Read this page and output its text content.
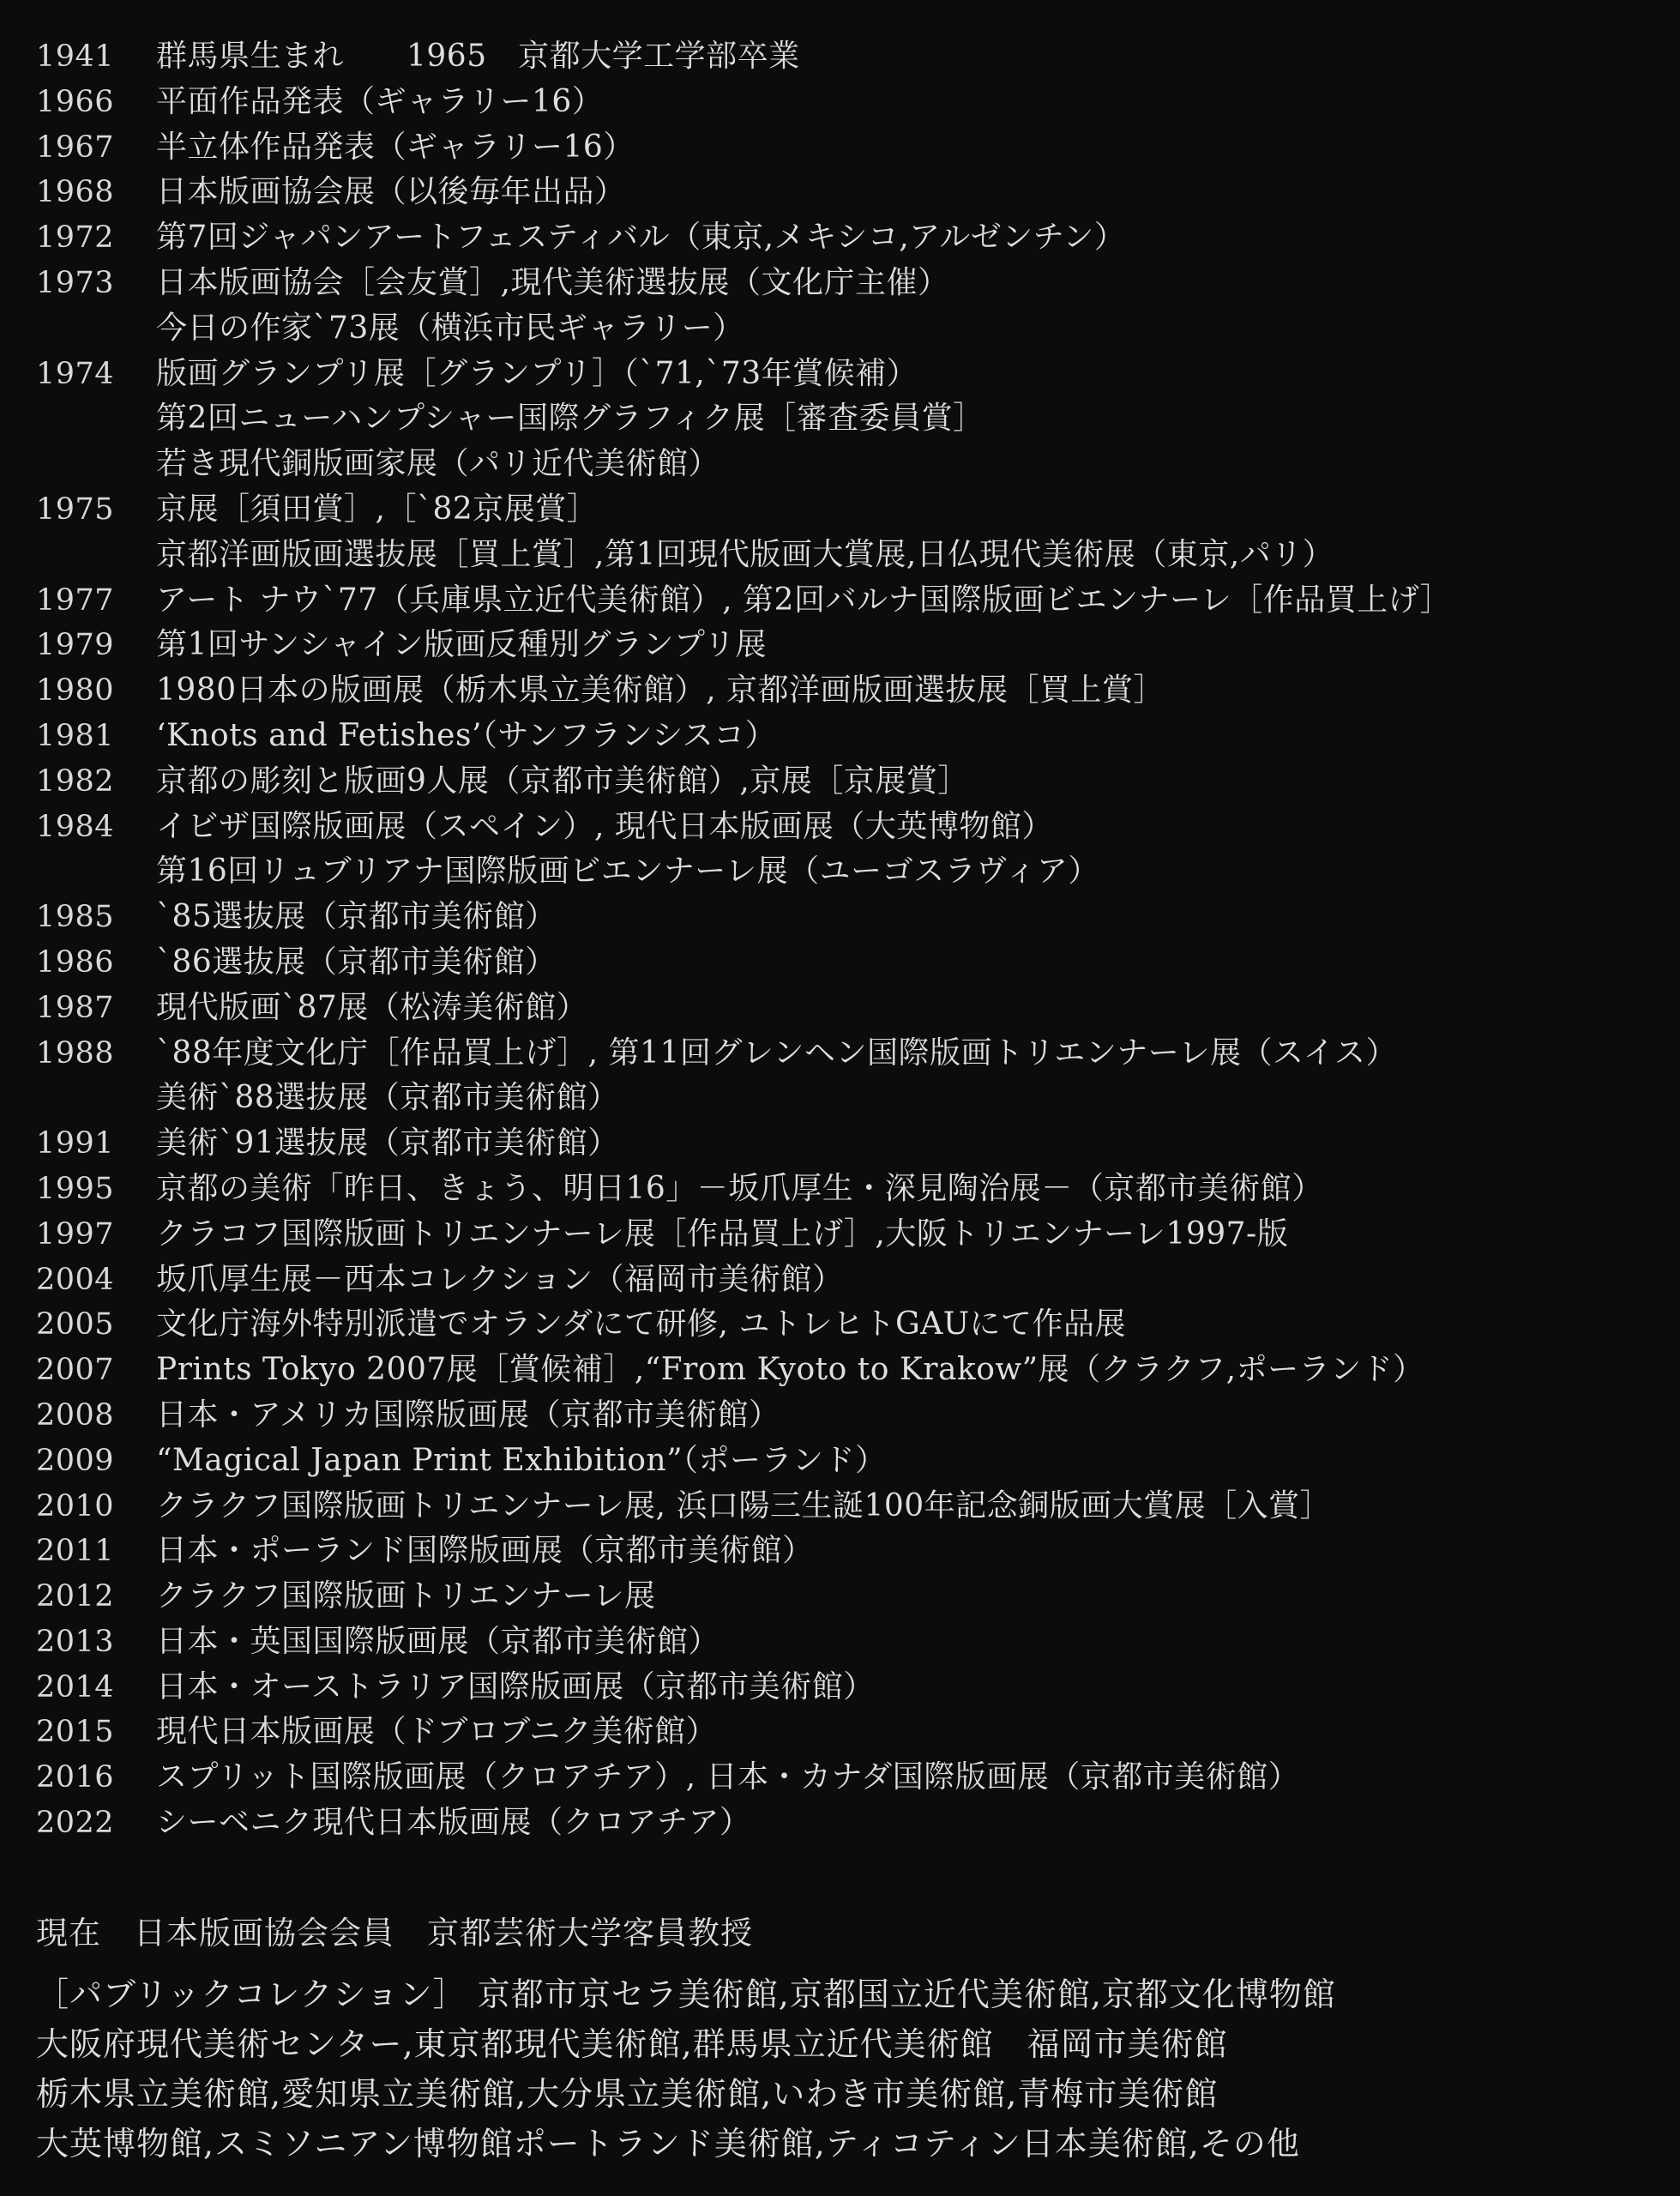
1941	群馬県生まれ　　1965　京都大学工学部卒業
1966	平面作品発表（ギャラリー16）
1967	半立体作品発表（ギャラリー16）
1968	日本版画協会展（以後毎年出品）
1972	第7回ジャパンアートフェスティバル（東京,メキシコ,アルゼンチン）
1973	日本版画協会［会友賞］,現代美術選抜展（文化庁主催）
今日の作家`73展（横浜市民ギャラリー）
1974	版画グランプリ展［グランプリ］（`71,`73年賞候補）
第2回ニューハンプシャー国際グラフィク展［審査委員賞］
若き現代銅版画家展（パリ近代美術館）
1975	京展［須田賞］,［`82京展賞］
京都洋画版画選抜展［買上賞］,第1回現代版画大賞展,日仏現代美術展（東京,パリ）
1977	アート ナウ`77（兵庫県立近代美術館）, 第2回バルナ国際版画ビエンナーレ［作品買上げ］
1979	第1回サンシャイン版画反種別グランプリ展
1980	1980日本の版画展（栃木県立美術館）, 京都洋画版画選抜展［買上賞］
1981	‘Knots and Fetishes’（サンフランシスコ）
1982	京都の彫刻と版画9人展（京都市美術館）,京展［京展賞］
1984	イビザ国際版画展（スペイン）, 現代日本版画展（大英博物館）
第16回リュブリアナ国際版画ビエンナーレ展（ユーゴスラヴィア）
1985	`85選抜展（京都市美術館）
1986	`86選抜展（京都市美術館）
1987	現代版画`87展（松涛美術館）
1988	`88年度文化庁［作品買上げ］, 第11回グレンヘン国際版画トリエンナーレ展（スイス）
美術`88選抜展（京都市美術館）
1991	美術`91選抜展（京都市美術館）
1995	京都の美術「昨日、きょう、明日16」－坂爪厚生・深見陶治展－（京都市美術館）
1997	クラコフ国際版画トリエンナーレ展［作品買上げ］,大阪トリエンナーレ1997-版
2004	坂爪厚生展－西本コレクション（福岡市美術館）
2005	文化庁海外特別派遣でオランダにて研修, ユトレヒトGAUにて作品展
2007	Prints Tokyo 2007展［賞候補］,“From Kyoto to Krakow”展（クラクフ,ポーランド）
2008	日本・アメリカ国際版画展（京都市美術館）
2009	“Magical Japan Print Exhibition”（ポーランド）
2010	クラクフ国際版画トリエンナーレ展, 浜口陽三生誕100年記念銅版画大賞展［入賞］
2011	日本・ポーランド国際版画展（京都市美術館）
2012	クラクフ国際版画トリエンナーレ展
2013	日本・英国国際版画展（京都市美術館）
2014	日本・オーストラリア国際版画展（京都市美術館）
2015	現代日本版画展（ドブロブニク美術館）
2016	スプリット国際版画展（クロアチア）, 日本・カナダ国際版画展（京都市美術館）
2022	シーベニク現代日本版画展（クロアチア）
現在　日本版画協会会員　京都芸術大学客員教授
［パブリックコレクション］ 京都市京セラ美術館,京都国立近代美術館,京都文化博物館
大阪府現代美術センター,東京都現代美術館,群馬県立近代美術館　福岡市美術館
栃木県立美術館,愛知県立美術館,大分県立美術館,いわき市美術館,青梅市美術館
大英博物館,スミソニアン博物館ポートランド美術館,ティコティン日本美術館,その他
